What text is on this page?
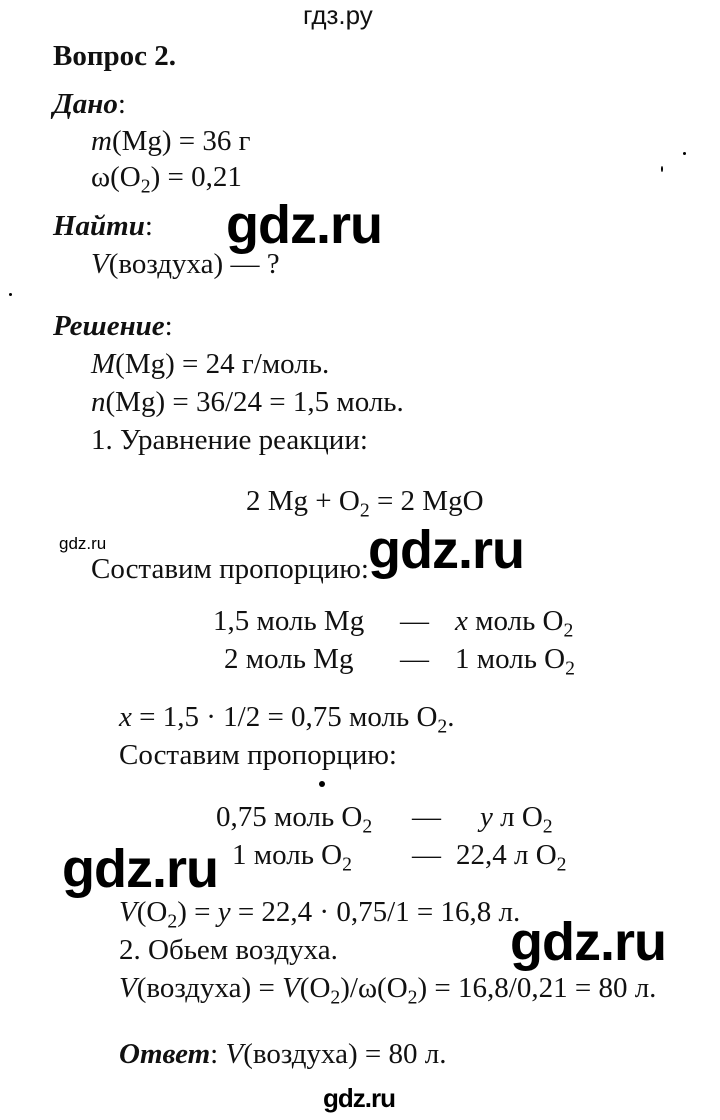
гдз.ру
Вопрос 2.
Дано:
m(Mg) = 36 г
$\omega(O_2) = 0,21$
Найти:
V(воздуха) — ?
Решение:
M(Mg) = 24 г/моль.
n(Mg) = 36/24 = 1,5 моль.
1. Уравнение реакции:
2 $Mg + O_2 = 2$ MgO
Составим пропорцию:
1,5 моль Mg — x моль $O_2$
2 моль Mg — 1 моль $O_2$
x = 1,5 · 1/2 = 0,75 моль $O_2$.
Составим пропорцию:
0,75 моль $O_2$ — y л $O_2$
1 моль $O_2$ — 22,4 л $O_2$
$V(O_2) = y = 22,4 \cdot 0,75/1 = 16,8$ л.
2. Обьем воздуха.
V(воздуха) = $V(O_2)/\omega(O_2) = 16,8/0,21 = 80$ л.
Ответ: V(воздуха) = 80 л.
gdz.ru
gdz.ru	gdz.ru
gdz.ru
gdz.ru
gdz.ru
